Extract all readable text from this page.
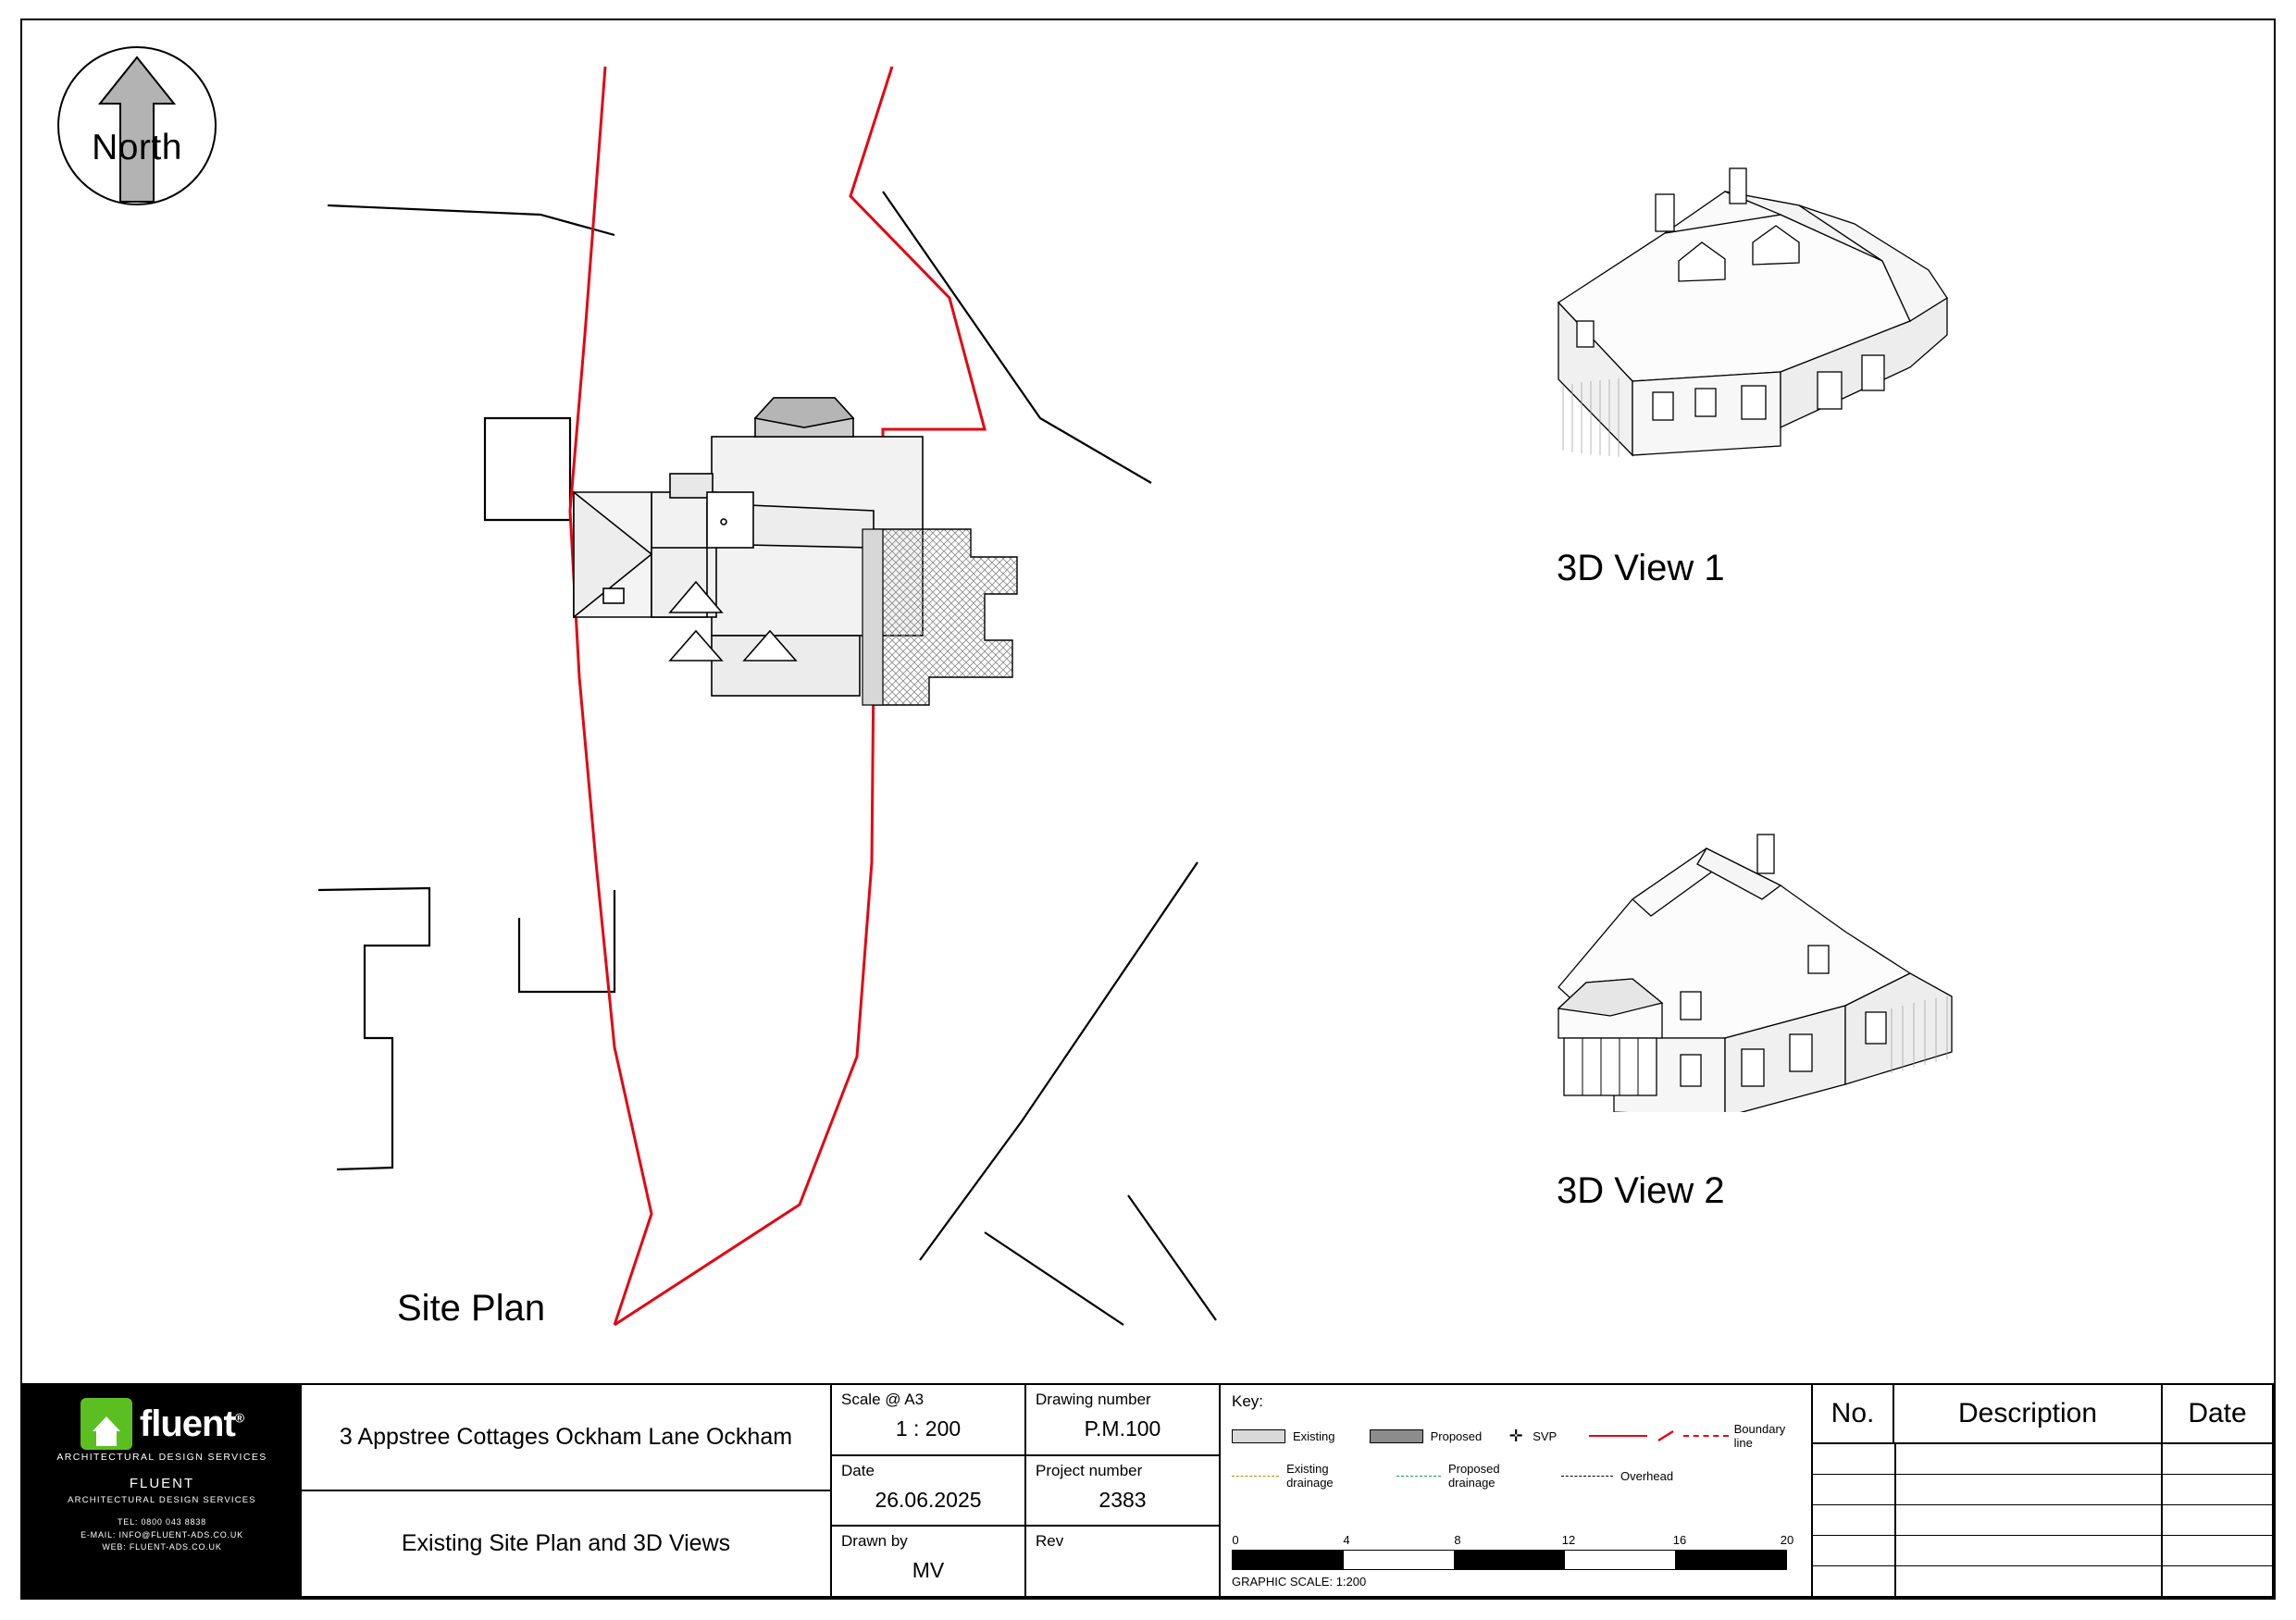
North
3D View 1
3D View 2
Site Plan
fluent®
ARCHITECTURAL DESIGN SERVICES
FLUENT
ARCHITECTURAL DESIGN SERVICES
TEL: 0800 043 8838
E-MAIL: INFO@FLUENT-ADS.CO.UK
WEB: FLUENT-ADS.CO.UK
3 Appstree Cottages Ockham Lane Ockham
Existing Site Plan and 3D Views
Scale @ A3
1 : 200
Drawing number
P.M.100
Date
26.06.2025
Project number
2383
Drawn by
MV
Rev
Key:
Existing	Proposed ✛ SVP	Boundary line
Existing drainage
Proposed drainage	Overhead
0	4	8	12	16	20
GRAPHIC SCALE: 1:200
No.	Description	Date
